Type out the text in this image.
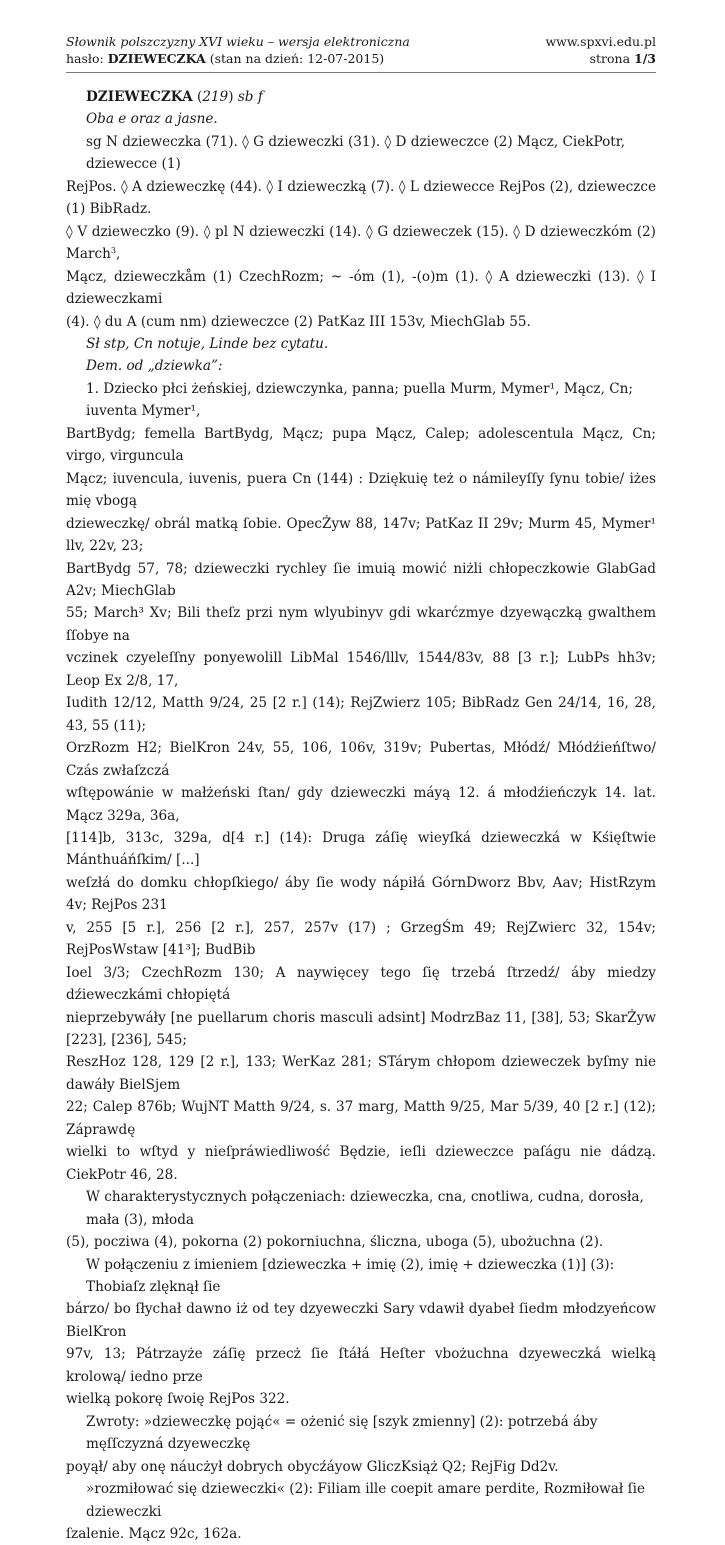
Słownik polszczyzny XVI wieku – wersja elektroniczna	www.spxvi.edu.pl
hasło: DZIEWECZKA (stan na dzień: 12-07-2015)	strona 1/3

DZIEWECZKA (219) sb f

Oba e oraz a jasne.

sg N dzieweczka (71). ◊ G dzieweczki (31). ◊ D dzieweczce (2) Mącz, CiekPotr, dziewecce (1)

RejPos. ◊ A dzieweczkę (44). ◊ I dzieweczką (7). ◊ L dziewecce RejPos (2), dzieweczce (1) BibRadz.

◊ V dzieweczko (9). ◊ pl N dzieweczki (14). ◊ G dzieweczek (15). ◊ D dzieweczkóm (2) March$^3$,

Mącz, dzieweczkåm (1) CzechRozm; ~ -óm (1), -(o)m (1). ◊ A dzieweczki (13). ◊ I dzieweczkami

(4). ◊ du A (cum nm) dzieweczce (2) PatKaz III 153v, MiechGlab 55.

Sł stp, Cn notuje, Linde bez cytatu.

Dem. od „dziewka”:

1. Dziecko płci żeńskiej, dziewczynka, panna; puella Murm, Mymer¹, Mącz, Cn; iuventa Mymer¹,

BartBydg; femella BartBydg, Mącz; pupa Mącz, Calep; adolescentula Mącz, Cn; virgo, virguncula

Mącz; iuvencula, iuvenis, puera Cn (144) : Dziękuię też o námileyſſy ſynu tobie/ iżes mię vbogą

dzieweczkę/ obrál matką ſobie. OpecŻyw 88, 147v; PatKaz II 29v; Murm 45, Mymer¹ llv, 22v, 23;

BartBydg 57, 78; dzieweczki rychley ſie imuią mowić niżli chłopeczkowie GlabGad A2v; MiechGlab

55; March³ Xv; Bili theſz przi nym wlyubinyv gdi wkarćzmye dzyewączką gwalthem ſſobye na

vczinek czyeleſſny ponyewolill LibMal 1546/lllv, 1544/83v, 88 [3 r.]; LubPs hh3v; Leop Ex 2/8, 17,

Iudith 12/12, Matth 9/24, 25 [2 r.] (14); RejZwierz 105; BibRadz Gen 24/14, 16, 28, 43, 55 (11);

OrzRozm H2; BielKron 24v, 55, 106, 106v, 319v; Pubertas, Młódź/ Młódźieńſtwo/ Czás zwłaſzczá

wſtępowánie w małżeński ſtan/ gdy dzieweczki máyą 12. á młodźieńczyk 14. lat. Mącz 329a, 36a,

[114]b, 313c, 329a, d[4 r.] (14): Druga záſię wieyſká dzieweczká w Kśięſtwie Mánthuáńſkim/ [...]

weſzłá do domku chłopſkiego/ áby ſie wody nápiłá GórnDworz Bbv, Aav; HistRzym 4v; RejPos 231

v, 255 [5 r.], 256 [2 r.], 257, 257v (17) ; GrzegŚm 49; RejZwierc 32, 154v; RejPosWstaw [41³]; BudBib

Ioel 3/3; CzechRozm 130; A naywięcey tego ſię trzebá ſtrzedź/ áby miedzy dźieweczkámi chłopiętá

nieprzebywáły [ne puellarum choris masculi adsint] ModrzBaz 11, [38], 53; SkarŻyw [223], [236], 545;

ReszHoz 128, 129 [2 r.], 133; WerKaz 281; STárym chłopom dzieweczek byſmy nie dawáły BielSjem

22; Calep 876b; WujNT Matth 9/24, s. 37 marg, Matth 9/25, Mar 5/39, 40 [2 r.] (12); Záprawdę

wielki to wſtyd y nieſpráwiedliwość Będzie, ieſli dzieweczce paſágu nie dádzą. CiekPotr 46, 28.

W charakterystycznych połączeniach: dzieweczka, cna, cnotliwa, cudna, dorosła, mała (3), młoda

(5), pocziwa (4), pokorna (2) pokorniuchna, śliczna, uboga (5), ubożuchna (2).

W połączeniu z imieniem [dzieweczka + imię (2), imię + dzieweczka (1)] (3): Thobiaſz zlęknął ſie

bárzo/ bo ſłychał dawno iż od tey dzyeweczki Sary vdawił dyabeł ſiedm młodzyeńcow BielKron

97v, 13; Pátrzayże záſię przecż ſie ſtáłá Heſter vbożuchna dzyeweczká wielką krolową/ iedno prze

wielką pokorę ſwoię RejPos 322.

Zwroty: »dzieweczkę pojąć« = ożenić się [szyk zmienny] (2): potrzebá áby męſſczyzná dzyeweczkę

poyął/ aby onę náucżył dobrych obycźáyow GliczKsiąż Q2; RejFig Dd2v.

»rozmiłować się dzieweczki« (2): Filiam ille coepit amare perdite, Rozmiłował ſie dzieweczki

ſzalenie. Mącz 92c, 162a.
